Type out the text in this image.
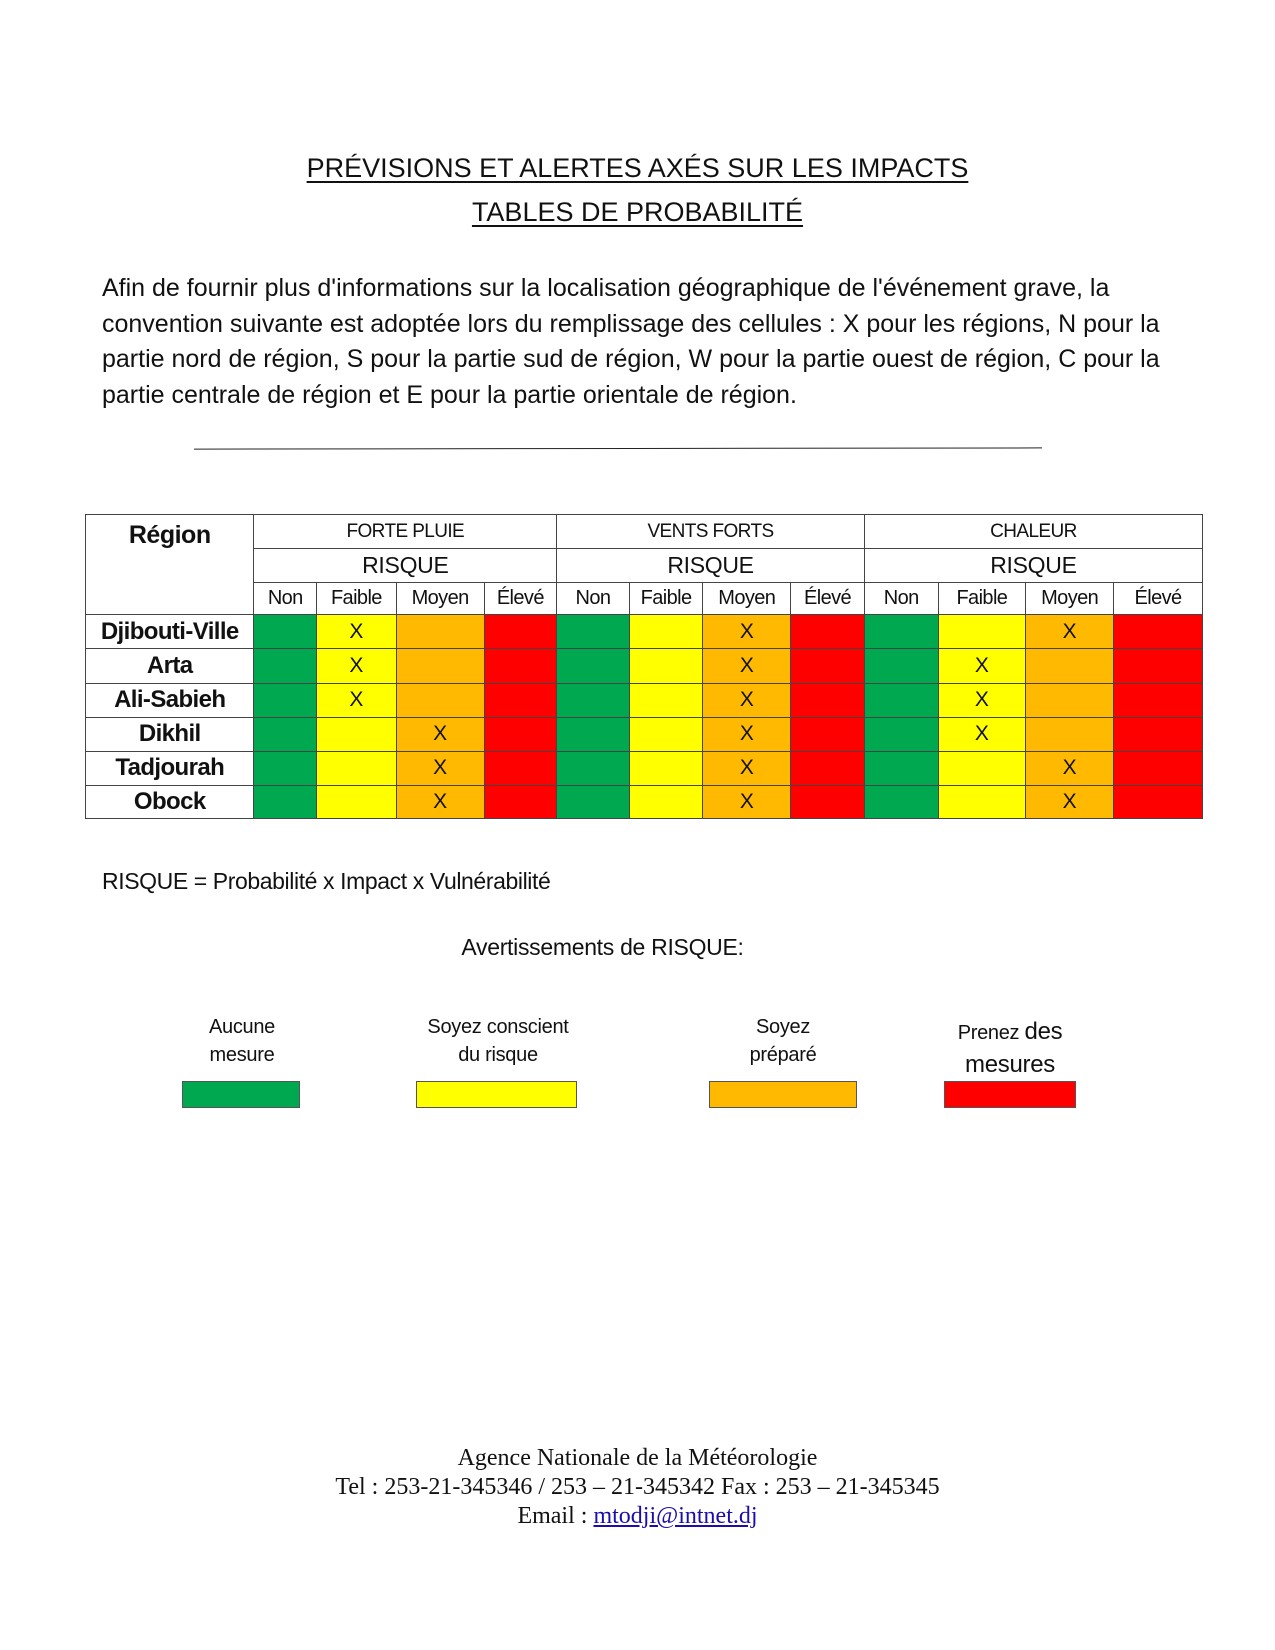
PRÉVISIONS ET ALERTES AXÉS SUR LES IMPACTS
TABLES DE PROBABILITÉ
Afin de fournir plus d'informations sur la localisation géographique de l'événement grave, la convention suivante est adoptée lors du remplissage des cellules : X pour les régions, N pour la partie nord de région, S pour la partie sud de région, W pour la partie ouest de région, C pour la partie centrale de région et E pour la partie orientale de région.
Région	FORTE PLUIE				VENTS FORTS				CHALEUR			
	RISQUE				RISQUE				RISQUE			
	Non	Faible	Moyen	Élevé	Non	Faible	Moyen	Élevé	Non	Faible	Moyen	Élevé
Djibouti-Ville		X					X				X	
Arta		X					X			X		
Ali-Sabieh		X					X			X		
Dikhil			X				X			X		
Tadjourah			X				X				X	
Obock			X				X				X	
RISQUE = Probabilité x Impact x Vulnérabilité
Avertissements de RISQUE:
Aucune
mesure
Soyez conscient
du risque
Soyez
préparé
Prenez des
mesures
Agence Nationale de la Météorologie
Tel : 253-21-345346 / 253 – 21-345342 Fax : 253 – 21-345345
Email : mtodji@intnet.dj
